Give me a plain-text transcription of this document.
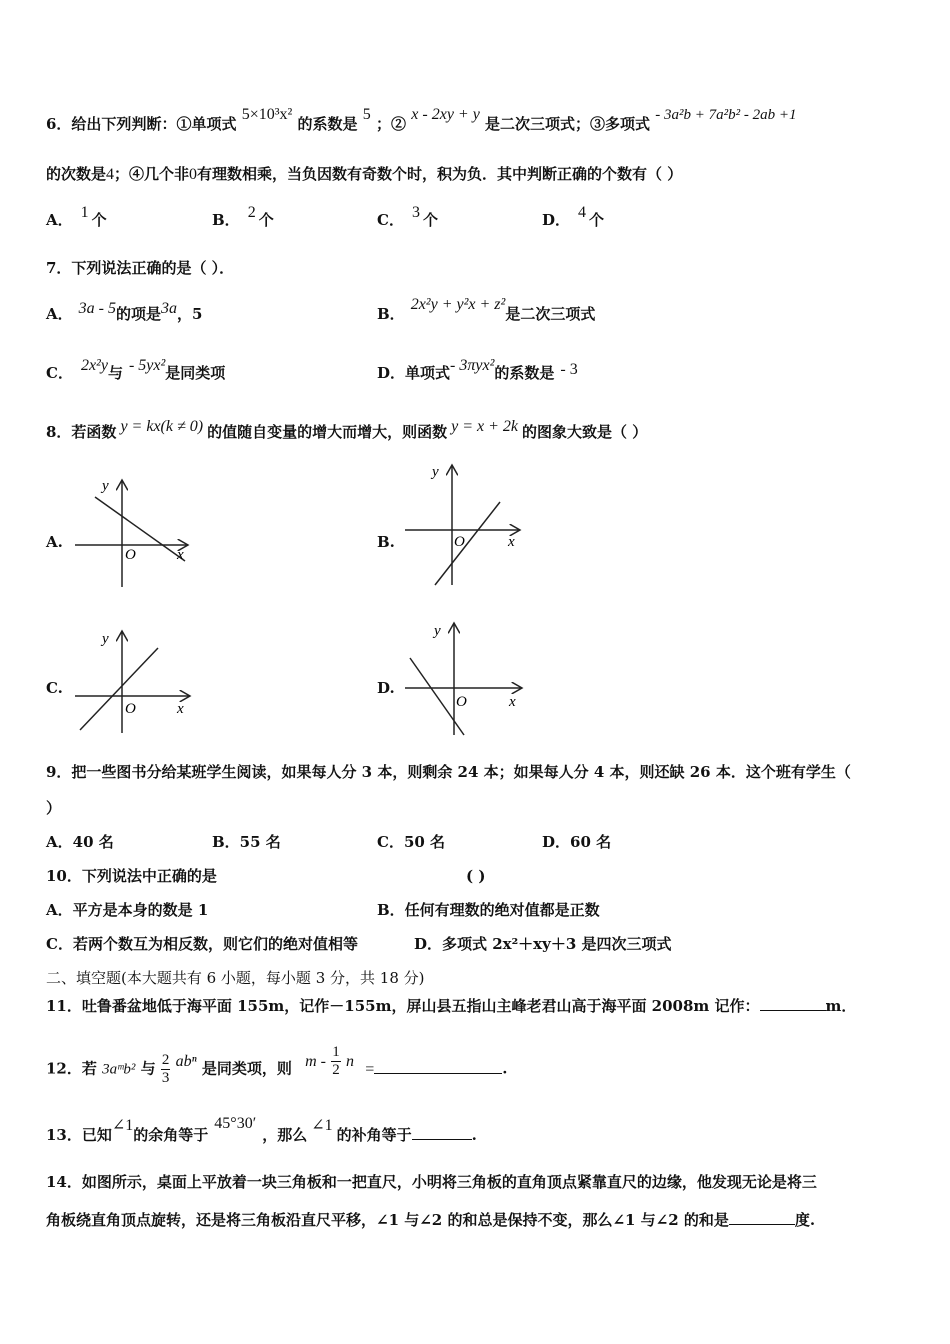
6．给出下列判断：①单项式 5×10³x² 的系数是 5 ；② x - 2xy + y 是二次三项式；③多项式 - 3a²b + 7a²b² - 2ab +1
的次数是4；④几个非0有理数相乘，当负因数有奇数个时，积为负．其中判断正确的个数有（ ）
A． 1 个	B． 2 个	C． 3 个	D． 4 个
7．下列说法正确的是（ ）．
A． 3a - 5的项是3a，5	B．2x²y + y²x + z²是二次三项式
C． 2x²y与 - 5yx²是同类项	D．单项式- 3πyx²的系数是 - 3
8．若函数 y = kx(k ≠ 0) 的值随自变量的增大而增大，则函数 y = x + 2k 的图象大致是（ ）
A.	B.
C.	D.
y
x
O
y
x
O
y
x
O
y
x
O
9．把一些图书分给某班学生阅读，如果每人分 3 本，则剩余 24 本；如果每人分 4 本，则还缺 26 本．这个班有学生（
）
A．40 名	B．55 名	C．50 名	D．60 名
10．下列说法中正确的是	( )
A．平方是本身的数是 1	B．任何有理数的绝对值都是正数
C．若两个数互为相反数，则它们的绝对值相等	D．多项式 2x²＋xy＋3 是四次三项式
二、填空题(本大题共有 6 小题，每小题 3 分，共 18 分)
11．吐鲁番盆地低于海平面 155m，记作－155m，屏山县五指山主峰老君山高于海平面 2008m 记作：	m．
12．若 3aᵐb² 与 $\frac{2}{3}$ abⁿ 是同类项，则 m - $\frac{1}{2}$ n =	.
13．已知∠1的余角等于45°30′，那么∠1的补角等于	.
14．如图所示，桌面上平放着一块三角板和一把直尺，小明将三角板的直角顶点紧靠直尺的边缘，他发现无论是将三
角板绕直角顶点旋转，还是将三角板沿直尺平移，∠1 与∠2 的和总是保持不变，那么∠1 与∠2 的和是	度.
